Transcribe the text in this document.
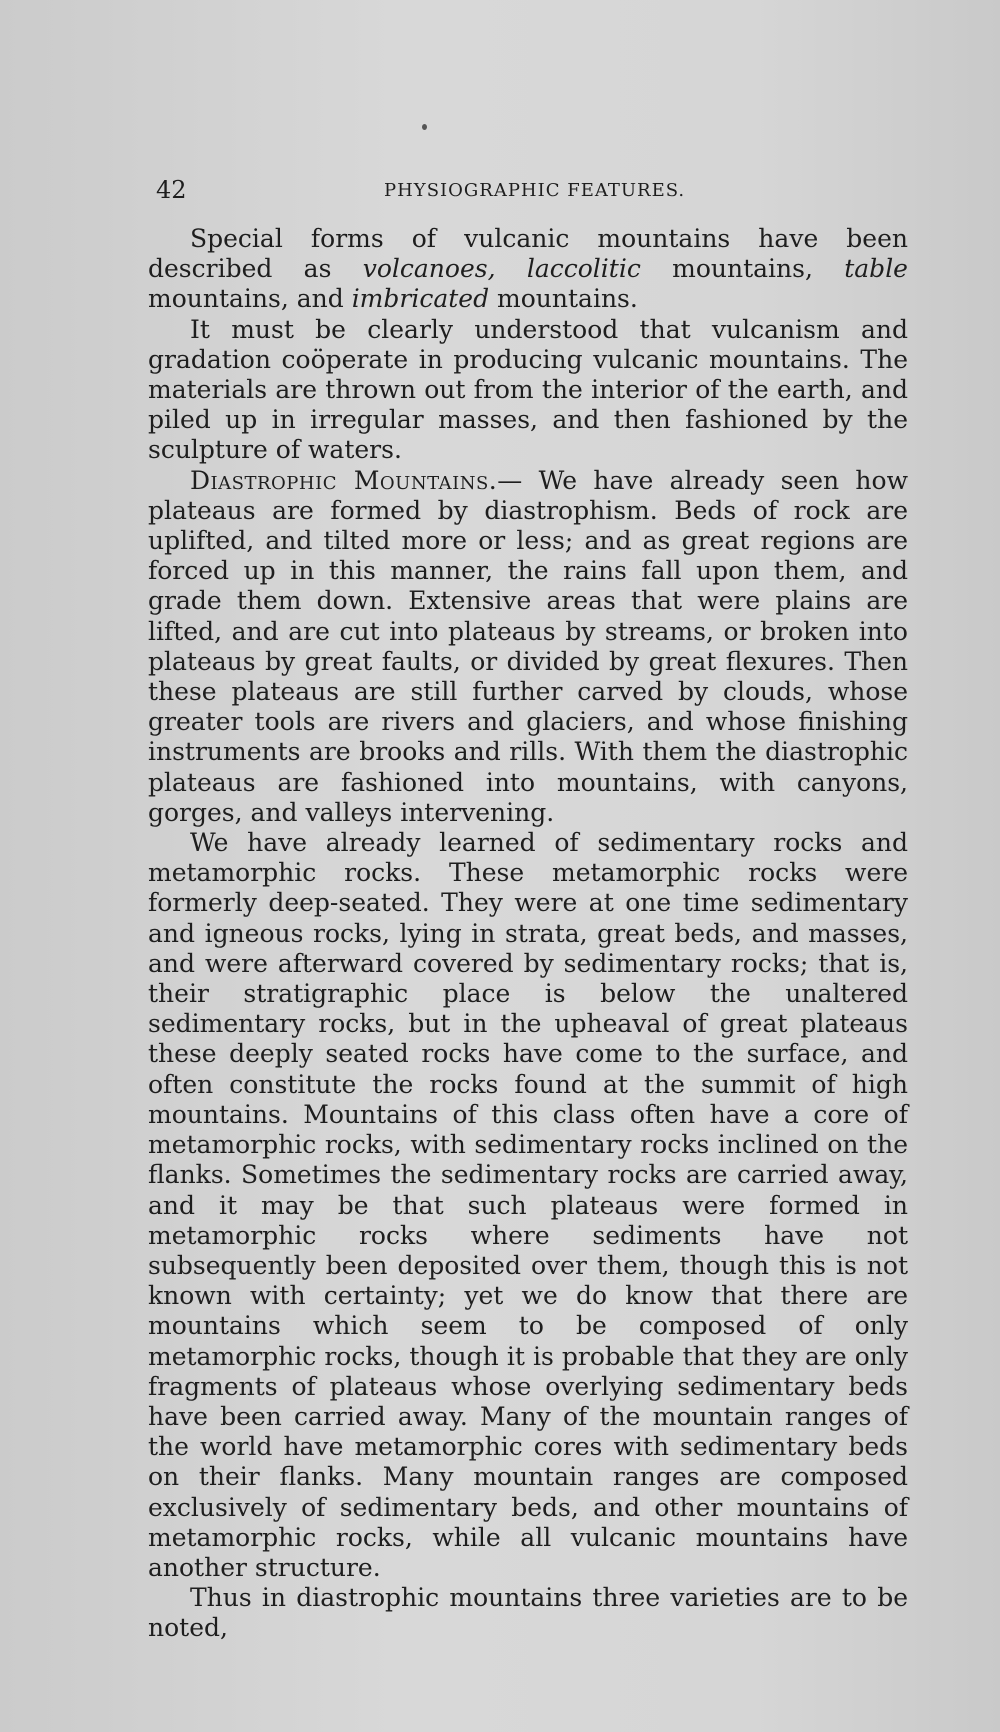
42	PHYSIOGRAPHIC FEATURES.

Special forms of vulcanic mountains have been described as volcanoes, laccolitic mountains, table mountains, and imbricated mountains.

It must be clearly understood that vulcanism and gradation coöperate in producing vulcanic mountains. The materials are thrown out from the interior of the earth, and piled up in irregular masses, and then fashioned by the sculpture of waters.

Diastrophic Mountains.— We have already seen how plateaus are formed by diastrophism. Beds of rock are uplifted, and tilted more or less; and as great regions are forced up in this manner, the rains fall upon them, and grade them down. Extensive areas that were plains are lifted, and are cut into plateaus by streams, or broken into plateaus by great faults, or divided by great flexures. Then these plateaus are still further carved by clouds, whose greater tools are rivers and glaciers, and whose finishing instruments are brooks and rills. With them the diastrophic plateaus are fashioned into mountains, with canyons, gorges, and valleys intervening.

We have already learned of sedimentary rocks and metamorphic rocks. These metamorphic rocks were formerly deep-seated. They were at one time sedimentary and igneous rocks, lying in strata, great beds, and masses, and were afterward covered by sedimentary rocks; that is, their stratigraphic place is below the unaltered sedimentary rocks, but in the upheaval of great plateaus these deeply seated rocks have come to the surface, and often constitute the rocks found at the summit of high mountains. Mountains of this class often have a core of metamorphic rocks, with sedimentary rocks inclined on the flanks. Sometimes the sedimentary rocks are carried away, and it may be that such plateaus were formed in metamorphic rocks where sediments have not subsequently been deposited over them, though this is not known with certainty; yet we do know that there are mountains which seem to be composed of only metamorphic rocks, though it is probable that they are only fragments of plateaus whose overlying sedimentary beds have been carried away. Many of the mountain ranges of the world have metamorphic cores with sedimentary beds on their flanks. Many mountain ranges are composed exclusively of sedimentary beds, and other mountains of metamorphic rocks, while all vulcanic mountains have another structure.

Thus in diastrophic mountains three varieties are to be noted,
